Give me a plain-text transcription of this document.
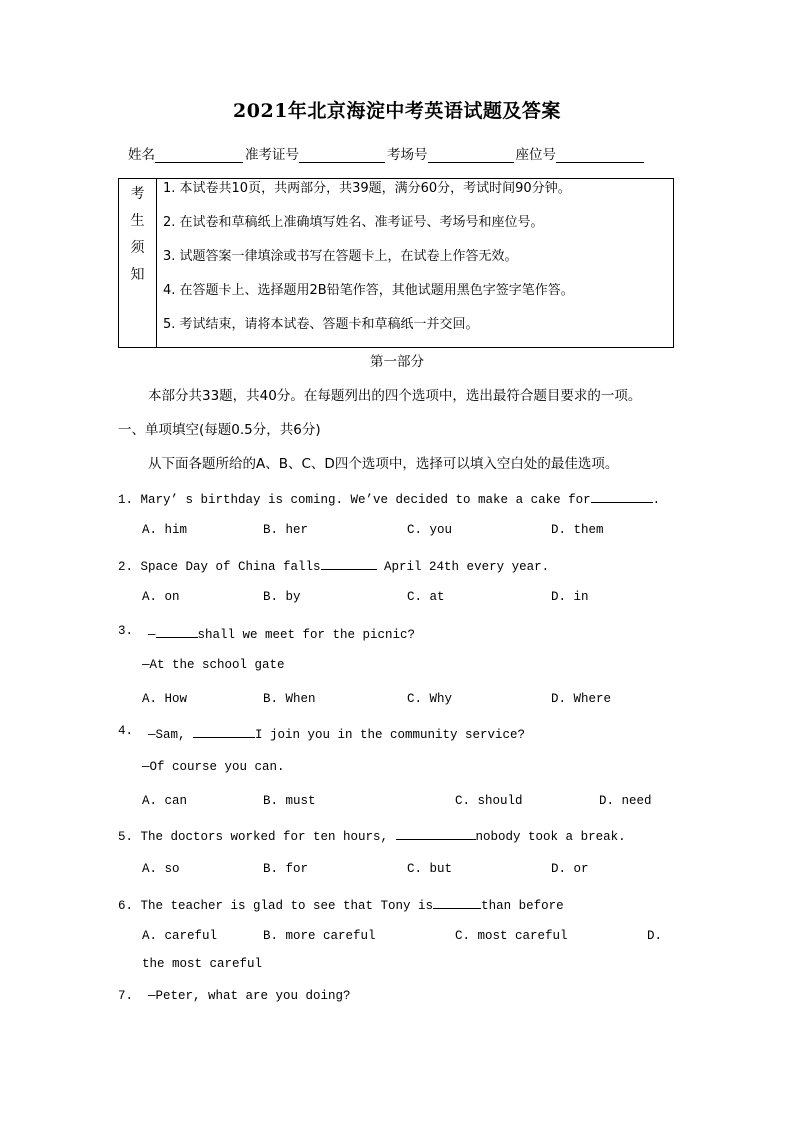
2021年北京海淀中考英语试题及答案
姓名	准考证号	考场号	座位号
考
生
须
知
1. 本试卷共10页，共两部分，共39题，满分60分，考试时间90分钟。
2. 在试卷和草稿纸上准确填写姓名、准考证号、考场号和座位号。
3. 试题答案一律填涂或书写在答题卡上，在试卷上作答无效。
4. 在答题卡上、选择题用2B铅笔作答，其他试题用黑色字签字笔作答。
5. 考试结束，请将本试卷、答题卡和草稿纸一并交回。
第一部分
本部分共33题，共40分。在每题列出的四个选项中，选出最符合题目要求的一项。
一、单项填空(每题0.5分，共6分)
从下面各题所给的A、B、C、D四个选项中，选择可以填入空白处的最佳选项。
1. Mary’ s birthday is coming. We’ve decided to make a cake for	.
A. him	B. her	C. you	D. them
2. Space Day of China falls	April 24th every year.
A. on	B. by	C. at	D. in
3. —	shall we meet for the picnic?
—At the school gate
A. How	B. When	C. Why	D. Where
4. —Sam,	I join you in the community service?
—Of course you can.
A. can	B. must	C. should	D. need
5. The doctors worked for ten hours,	nobody took a break.
A. so	B. for	C. but	D. or
6. The teacher is glad to see that Tony is	than before
A. careful	B. more careful	C. most careful	D.
the most careful
7. —Peter, what are you doing?
